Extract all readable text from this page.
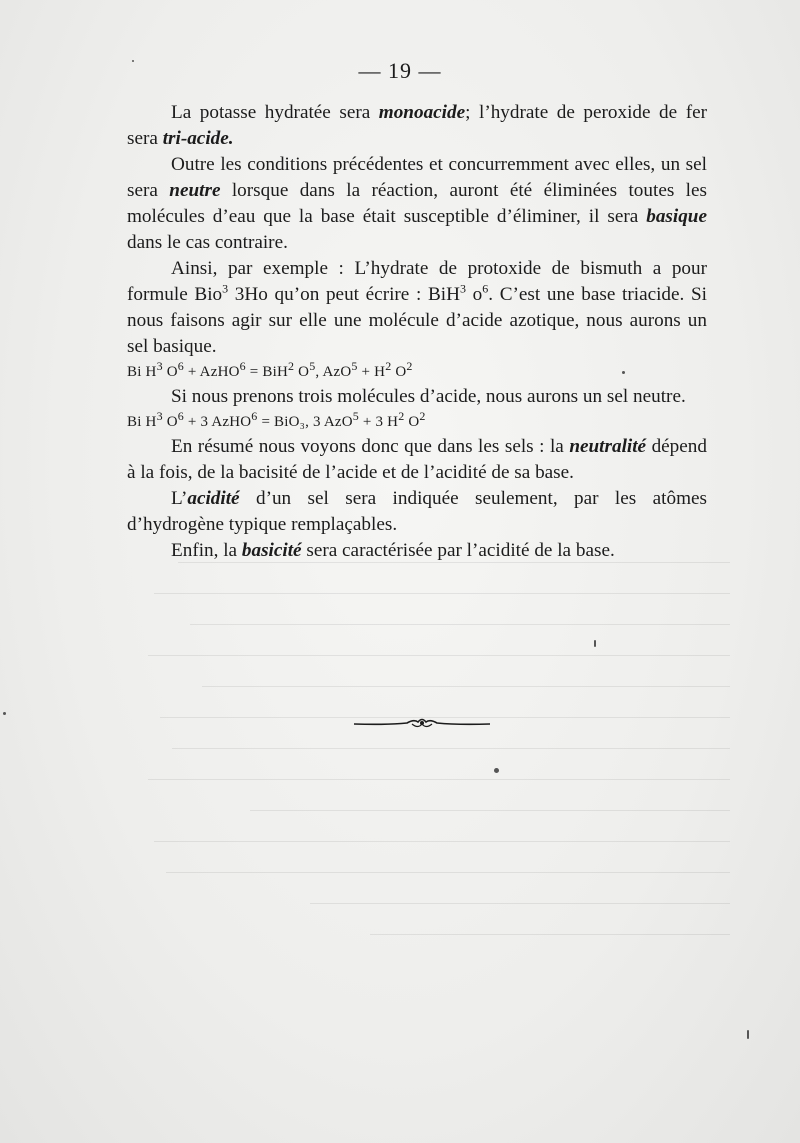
— 19 —

La potasse hydratée sera monoacide; l’hydrate de peroxide de fer sera tri-acide.

Outre les conditions précédentes et concurremment avec elles, un sel sera neutre lorsque dans la réaction, auront été éliminées toutes les molécules d’eau que la base était susceptible d’éliminer, il sera basique dans le cas contraire.

Ainsi, par exemple : L’hydrate de protoxide de bismuth a pour formule Bio$^3$ 3Ho qu’on peut écrire : BiH$^3$ $o^6$. C’est une base triacide. Si nous faisons agir sur elle une molécule d’acide azotique, nous aurons un sel basique.

Bi $H^3$ $O^6$ + AzHO$^6$ = BiH$^2$ $O^5$, $AzO^5 + H^2$ $O^2$

Si nous prenons trois molécules d’acide, nous aurons un sel neutre.

Bi $H^3$ $O^6 + 3$ AzHO$^6$ = BiO₃, 3 AzO$^5$ + 3 $H^2$ $O^2$

En résumé nous voyons donc que dans les sels : la neutralité dépend à la fois, de la bacisité de l’acide et de l’acidité de sa base.

L’acidité d’un sel sera indiquée seulement, par les atômes d’hydrogène typique remplaçables.

Enfin, la basicité sera caractérisée par l’acidité de la base.
